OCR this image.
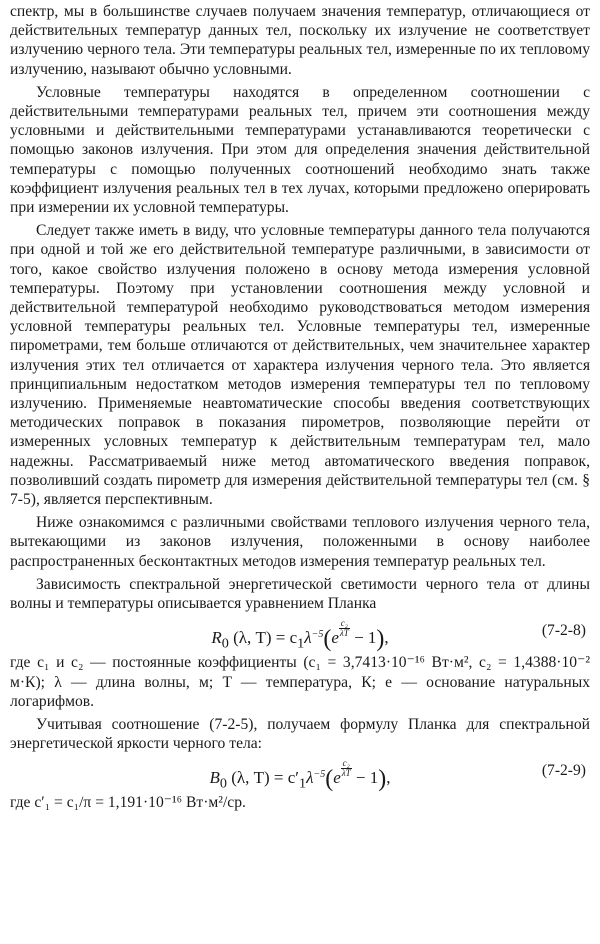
спектр, мы в большинстве случаев получаем значения температур, отличающиеся от действительных температур данных тел, поскольку их излучение не соответствует излучению черного тела. Эти температуры реальных тел, измеренные по их тепловому излучению, называют обычно условными.

Условные температуры находятся в определенном соотношении с действительными температурами реальных тел, причем эти соотношения между условными и действительными температурами устанавливаются теоретически с помощью законов излучения. При этом для определения значения действительной температуры с помощью полученных соотношений необходимо знать также коэффициент излучения реальных тел в тех лучах, которыми предложено оперировать при измерении их условной температуры.

Следует также иметь в виду, что условные температуры данного тела получаются при одной и той же его действительной температуре различными, в зависимости от того, какое свойство излучения положено в основу метода измерения условной температуры. Поэтому при установлении соотношения между условной и действительной температурой необходимо руководствоваться методом измерения условной температуры реальных тел. Условные температуры тел, измеренные пирометрами, тем больше отличаются от действительных, чем значительнее характер излучения этих тел отличается от характера излучения черного тела. Это является принципиальным недостатком методов измерения температуры тел по тепловому излучению. Применяемые неавтоматические способы введения соответствующих методических поправок в показания пирометров, позволяющие перейти от измеренных условных температур к действительным температурам тел, мало надежны. Рассматриваемый ниже метод автоматического введения поправок, позволивший создать пирометр для измерения действительной температуры тел (см. § 7-5), является перспективным.

Ниже ознакомимся с различными свойствами теплового излучения черного тела, вытекающими из законов излучения, положенными в основу наиболее распространенных бесконтактных методов измерения температур реальных тел.

Зависимость спектральной энергетической светимости черного тела от длины волны и температуры описывается уравнением Планка

$R_0$ (λ, $T) = c_1\lambda^{-5}(e \frac{\text{c₂}}{\lambda T} - 1)$,	(7-2-8)

где c₁ и c₂ — постоянные коэффициенты (c₁ = 3,7413·10⁻¹⁶ Вт·м², c₂ = 1,4388·10⁻² м·К); λ — длина волны, м; T — температура, К; e — основание натуральных логарифмов.

Учитывая соотношение (7-2-5), получаем формулу Планка для спектральной энергетической яркости черного тела:

$B_0$ (λ, $T) = c'_1\lambda^{-5}(e \frac{\text{c₂}}{\lambda T} - 1)$,	(7-2-9)

где c′₁ = c₁/π = 1,191·10⁻¹⁶ Вт·м²/ср.
